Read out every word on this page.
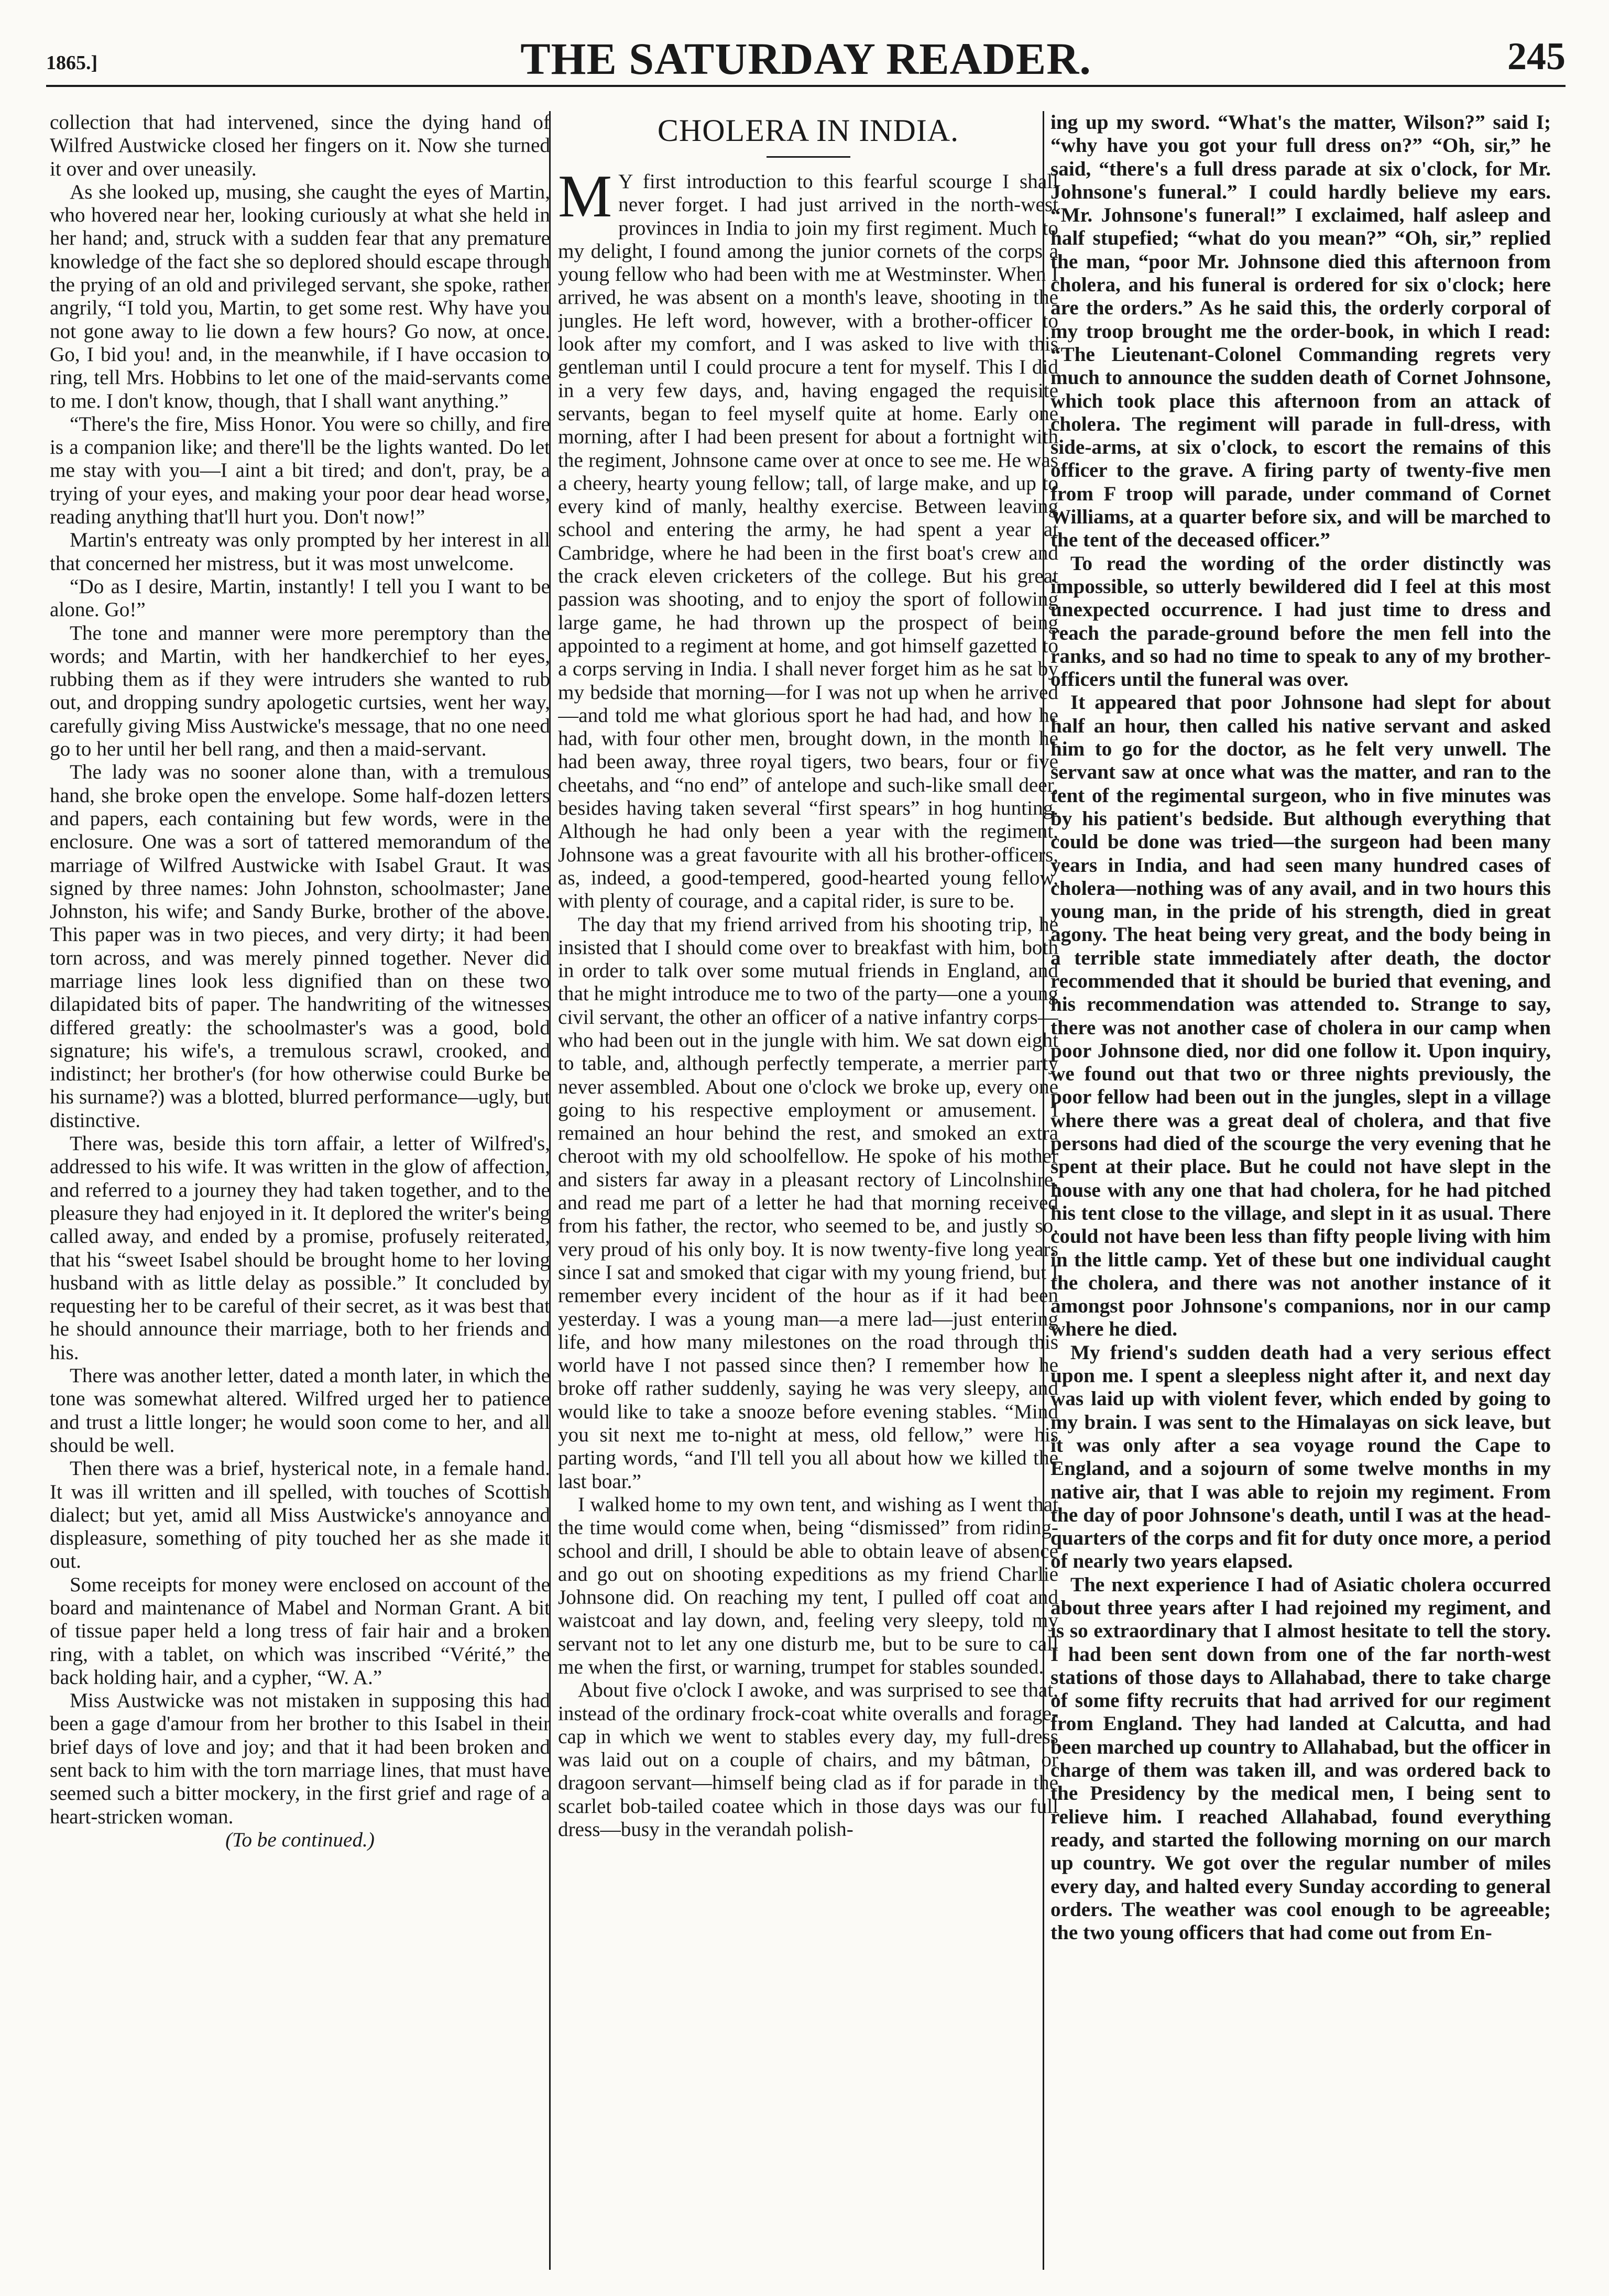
1865.]	THE SATURDAY READER.	245

collection that had intervened, since the dying hand of Wilfred Austwicke closed her fingers on it. Now she turned it over and over uneasily.

As she looked up, musing, she caught the eyes of Martin, who hovered near her, looking curiously at what she held in her hand; and, struck with a sudden fear that any premature knowledge of the fact she so deplored should escape through the prying of an old and privileged servant, she spoke, rather angrily, “I told you, Martin, to get some rest. Why have you not gone away to lie down a few hours? Go now, at once. Go, I bid you! and, in the meanwhile, if I have occasion to ring, tell Mrs. Hobbins to let one of the maid-servants come to me. I don't know, though, that I shall want anything.”

“There's the fire, Miss Honor. You were so chilly, and fire is a companion like; and there'll be the lights wanted. Do let me stay with you—I aint a bit tired; and don't, pray, be a trying of your eyes, and making your poor dear head worse, reading anything that'll hurt you. Don't now!”

Martin's entreaty was only prompted by her interest in all that concerned her mistress, but it was most unwelcome.

“Do as I desire, Martin, instantly! I tell you I want to be alone. Go!”

The tone and manner were more peremptory than the words; and Martin, with her handkerchief to her eyes, rubbing them as if they were intruders she wanted to rub out, and dropping sundry apologetic curtsies, went her way, carefully giving Miss Austwicke's message, that no one need go to her until her bell rang, and then a maid-servant.

The lady was no sooner alone than, with a tremulous hand, she broke open the envelope. Some half-dozen letters and papers, each containing but few words, were in the enclosure. One was a sort of tattered memorandum of the marriage of Wilfred Austwicke with Isabel Graut. It was signed by three names: John Johnston, schoolmaster; Jane Johnston, his wife; and Sandy Burke, brother of the above. This paper was in two pieces, and very dirty; it had been torn across, and was merely pinned together. Never did marriage lines look less dignified than on these two dilapidated bits of paper. The handwriting of the witnesses differed greatly: the schoolmaster's was a good, bold signature; his wife's, a tremulous scrawl, crooked, and indistinct; her brother's (for how otherwise could Burke be his surname?) was a blotted, blurred performance—ugly, but distinctive.

There was, beside this torn affair, a letter of Wilfred's, addressed to his wife. It was written in the glow of affection, and referred to a journey they had taken together, and to the pleasure they had enjoyed in it. It deplored the writer's being called away, and ended by a promise, profusely reiterated, that his “sweet Isabel should be brought home to her loving husband with as little delay as possible.” It concluded by requesting her to be careful of their secret, as it was best that he should announce their marriage, both to her friends and his.

There was another letter, dated a month later, in which the tone was somewhat altered. Wilfred urged her to patience and trust a little longer; he would soon come to her, and all should be well.

Then there was a brief, hysterical note, in a female hand. It was ill written and ill spelled, with touches of Scottish dialect; but yet, amid all Miss Austwicke's annoyance and displeasure, something of pity touched her as she made it out.

Some receipts for money were enclosed on account of the board and maintenance of Mabel and Norman Grant. A bit of tissue paper held a long tress of fair hair and a broken ring, with a tablet, on which was inscribed “Vérité,” the back holding hair, and a cypher, “W. A.”

Miss Austwicke was not mistaken in supposing this had been a gage d'amour from her brother to this Isabel in their brief days of love and joy; and that it had been broken and sent back to him with the torn marriage lines, that must have seemed such a bitter mockery, in the first grief and rage of a heart-stricken woman.

(To be continued.)

CHOLERA IN INDIA.

M Y first introduction to this fearful scourge I shall never forget. I had just arrived in the north-west provinces in India to join my first regiment. Much to my delight, I found among the junior cornets of the corps a young fellow who had been with me at Westminster. When I arrived, he was absent on a month's leave, shooting in the jungles. He left word, however, with a brother-officer to look after my comfort, and I was asked to live with this gentleman until I could procure a tent for myself. This I did in a very few days, and, having engaged the requisite servants, began to feel myself quite at home. Early one morning, after I had been present for about a fortnight with the regiment, Johnsone came over at once to see me. He was a cheery, hearty young fellow; tall, of large make, and up to every kind of manly, healthy exercise. Between leaving school and entering the army, he had spent a year at Cambridge, where he had been in the first boat's crew and the crack eleven cricketers of the college. But his great passion was shooting, and to enjoy the sport of following large game, he had thrown up the prospect of being appointed to a regiment at home, and got himself gazetted to a corps serving in India. I shall never forget him as he sat by my bedside that morning—for I was not up when he arrived—and told me what glorious sport he had had, and how he had, with four other men, brought down, in the month he had been away, three royal tigers, two bears, four or five cheetahs, and “no end” of antelope and such-like small deer, besides having taken several “first spears” in hog hunting. Although he had only been a year with the regiment, Johnsone was a great favourite with all his brother-officers, as, indeed, a good-tempered, good-hearted young fellow, with plenty of courage, and a capital rider, is sure to be.

The day that my friend arrived from his shooting trip, he insisted that I should come over to breakfast with him, both in order to talk over some mutual friends in England, and that he might introduce me to two of the party—one a young civil servant, the other an officer of a native infantry corps—who had been out in the jungle with him. We sat down eight to table, and, although perfectly temperate, a merrier party never assembled. About one o'clock we broke up, every one going to his respective employment or amusement. I remained an hour behind the rest, and smoked an extra cheroot with my old schoolfellow. He spoke of his mother and sisters far away in a pleasant rectory of Lincolnshire, and read me part of a letter he had that morning received from his father, the rector, who seemed to be, and justly so, very proud of his only boy. It is now twenty-five long years since I sat and smoked that cigar with my young friend, but I remember every incident of the hour as if it had been yesterday. I was a young man—a mere lad—just entering life, and how many milestones on the road through this world have I not passed since then? I remember how he broke off rather suddenly, saying he was very sleepy, and would like to take a snooze before evening stables. “Mind you sit next me to-night at mess, old fellow,” were his parting words, “and I'll tell you all about how we killed the last boar.”

I walked home to my own tent, and wishing as I went that the time would come when, being “dismissed” from riding-school and drill, I should be able to obtain leave of absence and go out on shooting expeditions as my friend Charlie Johnsone did. On reaching my tent, I pulled off coat and waistcoat and lay down, and, feeling very sleepy, told my servant not to let any one disturb me, but to be sure to call me when the first, or warning, trumpet for stables sounded.

About five o'clock I awoke, and was surprised to see that, instead of the ordinary frock-coat white overalls and forage-cap in which we went to stables every day, my full-dress was laid out on a couple of chairs, and my bâtman, or dragoon servant—himself being clad as if for parade in the scarlet bob-tailed coatee which in those days was our full dress—busy in the verandah polish-

ing up my sword. “What's the matter, Wilson?” said I; “why have you got your full dress on?” “Oh, sir,” he said, “there's a full dress parade at six o'clock, for Mr. Johnsone's funeral.” I could hardly believe my ears. “Mr. Johnsone's funeral!” I exclaimed, half asleep and half stupefied; “what do you mean?” “Oh, sir,” replied the man, “poor Mr. Johnsone died this afternoon from cholera, and his funeral is ordered for six o'clock; here are the orders.” As he said this, the orderly corporal of my troop brought me the order-book, in which I read: “The Lieutenant-Colonel Commanding regrets very much to announce the sudden death of Cornet Johnsone, which took place this afternoon from an attack of cholera. The regiment will parade in full-dress, with side-arms, at six o'clock, to escort the remains of this officer to the grave. A firing party of twenty-five men from F troop will parade, under command of Cornet Williams, at a quarter before six, and will be marched to the tent of the deceased officer.”

To read the wording of the order distinctly was impossible, so utterly bewildered did I feel at this most unexpected occurrence. I had just time to dress and reach the parade-ground before the men fell into the ranks, and so had no time to speak to any of my brother-officers until the funeral was over.

It appeared that poor Johnsone had slept for about half an hour, then called his native servant and asked him to go for the doctor, as he felt very unwell. The servant saw at once what was the matter, and ran to the tent of the regimental surgeon, who in five minutes was by his patient's bedside. But although everything that could be done was tried—the surgeon had been many years in India, and had seen many hundred cases of cholera—nothing was of any avail, and in two hours this young man, in the pride of his strength, died in great agony. The heat being very great, and the body being in a terrible state immediately after death, the doctor recommended that it should be buried that evening, and his recommendation was attended to. Strange to say, there was not another case of cholera in our camp when poor Johnsone died, nor did one follow it. Upon inquiry, we found out that two or three nights previously, the poor fellow had been out in the jungles, slept in a village where there was a great deal of cholera, and that five persons had died of the scourge the very evening that he spent at their place. But he could not have slept in the house with any one that had cholera, for he had pitched his tent close to the village, and slept in it as usual. There could not have been less than fifty people living with him in the little camp. Yet of these but one individual caught the cholera, and there was not another instance of it amongst poor Johnsone's companions, nor in our camp where he died.

My friend's sudden death had a very serious effect upon me. I spent a sleepless night after it, and next day was laid up with violent fever, which ended by going to my brain. I was sent to the Himalayas on sick leave, but it was only after a sea voyage round the Cape to England, and a sojourn of some twelve months in my native air, that I was able to rejoin my regiment. From the day of poor Johnsone's death, until I was at the head-quarters of the corps and fit for duty once more, a period of nearly two years elapsed.

The next experience I had of Asiatic cholera occurred about three years after I had rejoined my regiment, and is so extraordinary that I almost hesitate to tell the story. I had been sent down from one of the far north-west stations of those days to Allahabad, there to take charge of some fifty recruits that had arrived for our regiment from England. They had landed at Calcutta, and had been marched up country to Allahabad, but the officer in charge of them was taken ill, and was ordered back to the Presidency by the medical men, I being sent to relieve him. I reached Allahabad, found everything ready, and started the following morning on our march up country. We got over the regular number of miles every day, and halted every Sunday according to general orders. The weather was cool enough to be agreeable; the two young officers that had come out from En-
